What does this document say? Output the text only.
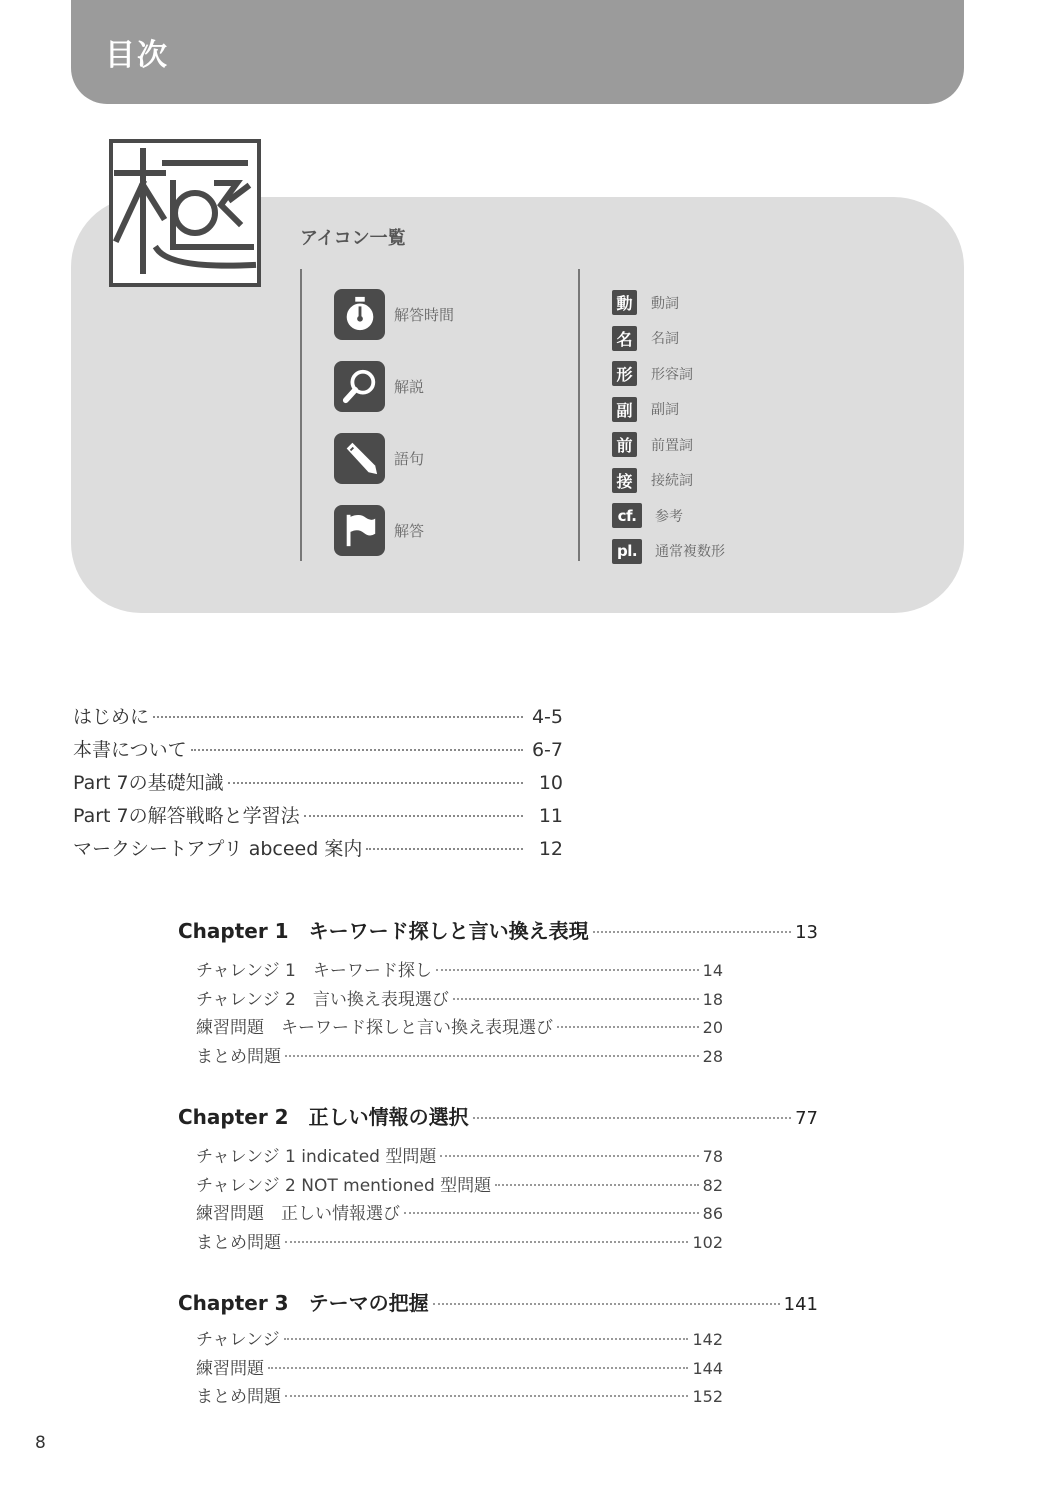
目次
アイコン一覧
解答時間
解説
語句
解答
動	動詞
名	名詞
形	形容詞
副	副詞
前	前置詞
接	接続詞
cf.	参考
pl.	通常複数形
はじめに	4-5
本書について	6-7
Part 7の基礎知識	10
Part 7の解答戦略と学習法	11
マークシートアプリ abceed 案内	12
Chapter 1　キーワード探しと言い換え表現	13
チャレンジ 1　キーワード探し	14
チャレンジ 2　言い換え表現選び	18
練習問題　キーワード探しと言い換え表現選び	20
まとめ問題	28
Chapter 2　正しい情報の選択	77
チャレンジ 1 indicated 型問題	78
チャレンジ 2 NOT mentioned 型問題	82
練習問題　正しい情報選び	86
まとめ問題	102
Chapter 3　テーマの把握	141
チャレンジ	142
練習問題	144
まとめ問題	152
8
